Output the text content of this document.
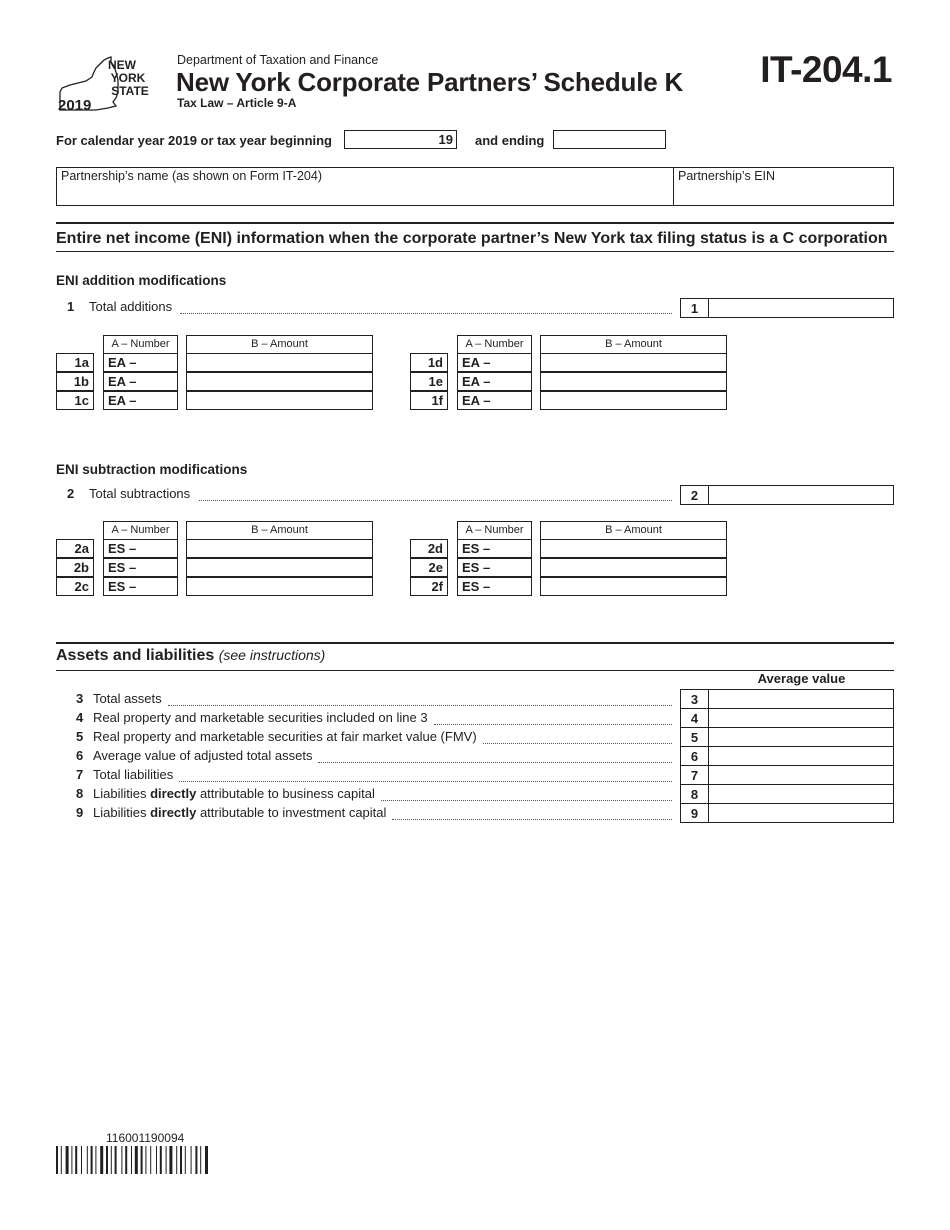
NEW
YORK
STATE
2019
Department of Taxation and Finance
New York Corporate Partners’ Schedule K
Tax Law – Article 9-A
IT-204.1
For calendar year 2019 or tax year beginning	19	and ending
Partnership’s name (as shown on Form IT-204)	Partnership’s EIN
Entire net income (ENI) information when the corporate partner’s New York tax filing status is a C corporation
ENI addition modifications
1 Total additions	1
ENI subtraction modifications
2 Total subtractions	2
Assets and liabilities (see instructions)
Average value
116001190094
A – Number	B – Amount
1a	EA –
1b	EA –
1c	EA –
A – Number	B – Amount
1d	EA –
1e	EA –
1f	EA –
A – Number	B – Amount
2a	ES –
2b	ES –
2c	ES –
A – Number	B – Amount
2d	ES –
2e	ES –
2f	ES –
3 Total assets	3
4 Real property and marketable securities included on line 3	4
5 Real property and marketable securities at fair market value (FMV)	5
6 Average value of adjusted total assets	6
7 Total liabilities	7
8 Liabilities directly attributable to business capital	8
9 Liabilities directly attributable to investment capital	9
